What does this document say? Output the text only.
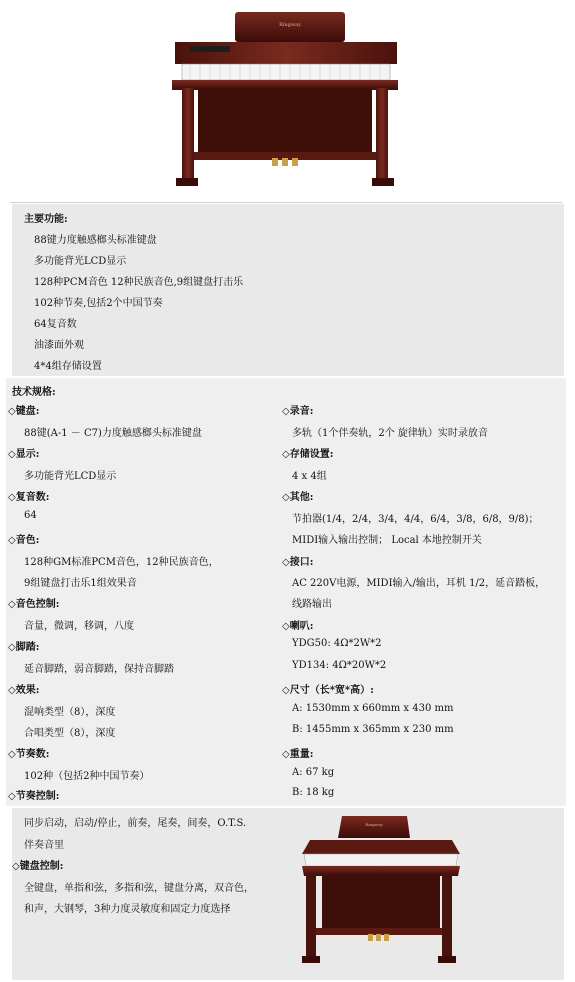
Ringway
主要功能:
88键力度触感榔头标准键盘
多功能背光LCD显示
128种PCM音色 12种民族音色,9组键盘打击乐
102种节奏,包括2个中国节奏
64复音数
油漆面外观
4*4组存储设置
技术规格:
◇键盘:
88键(A-1 － C7)力度触感榔头标准键盘
◇显示:
多功能背光LCD显示
◇复音数:
64
◇音色:
128种GM标准PCM音色，12种民族音色，
9组键盘打击乐1组效果音
◇音色控制:
音量，微调，移调，八度
◇脚踏:
延音脚踏，弱音脚踏，保持音脚踏
◇效果:
混响类型（8），深度
合唱类型（8），深度
◇节奏数:
102种（包括2种中国节奏）
◇节奏控制:
◇录音:
多轨（1个伴奏轨，2个 旋律轨）实时录放音
◇存储设置:
4 x 4组
◇其他:
节拍器(1/4，2/4，3/4，4/4，6/4，3/8，6/8，9/8)；
MIDI输入输出控制； Local 本地控制开关
◇接口:
AC 220V电源，MIDI输入/输出，耳机 1/2，延音踏板，
线路输出
◇喇叭:
YDG50: 4Ω*2W*2
YD134: 4Ω*20W*2
◇尺寸（长*宽*高）:
A: 1530mm x 660mm x 430 mm
B: 1455mm x 365mm x 230 mm
◇重量:
A: 67 kg
B: 18 kg
同步启动，启动/停止，前奏，尾奏，间奏，O.T.S.
伴奏音里
◇键盘控制:
全键盘，单指和弦，多指和弦，键盘分离，双音色，
和声，大钢琴，3种力度灵敏度和固定力度选择
Ringway
